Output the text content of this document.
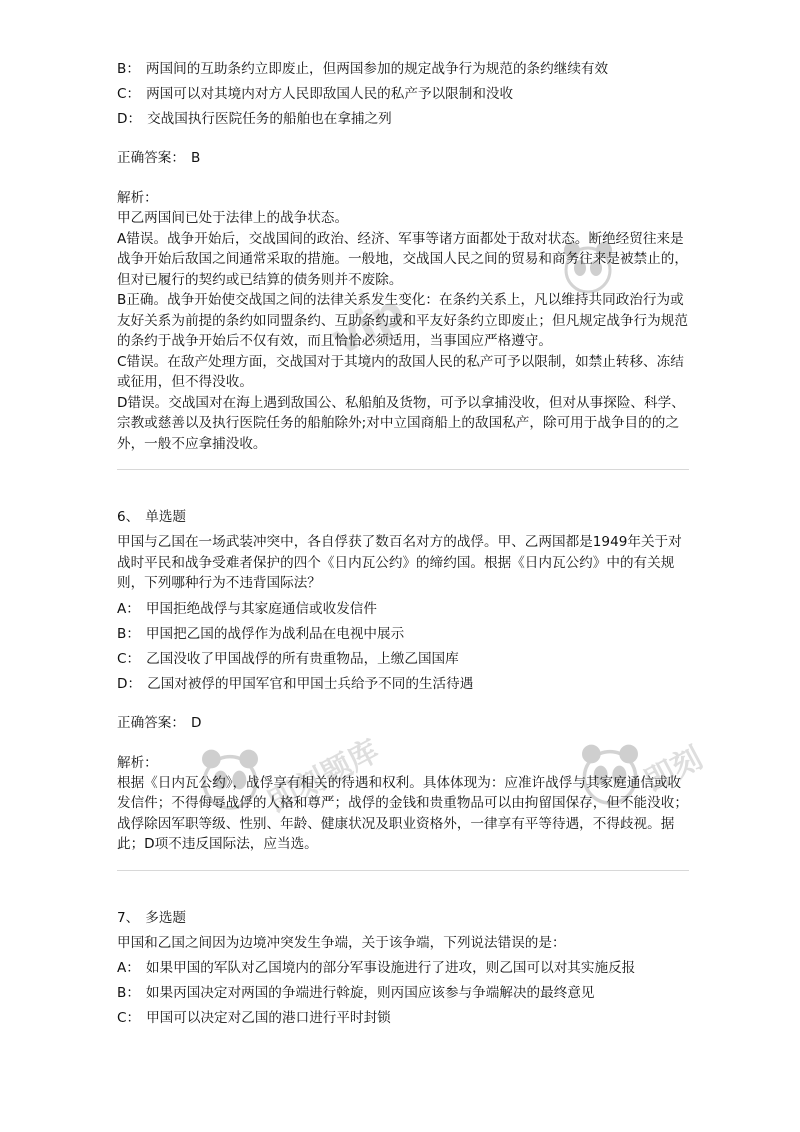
vip
即刻题库	即刻
B： 两国间的互助条约立即废止，但两国参加的规定战争行为规范的条约继续有效
C： 两国可以对其境内对方人民即敌国人民的私产予以限制和没收
D： 交战国执行医院任务的船舶也在拿捕之列
正确答案： B
解析：

甲乙两国间已处于法律上的战争状态。

A错误。战争开始后，交战国间的政治、经济、军事等诸方面都处于敌对状态。断绝经贸往来是战争开始后敌国之间通常采取的措施。一般地，交战国人民之间的贸易和商务往来是被禁止的，但对已履行的契约或已结算的债务则并不废除。

B正确。战争开始使交战国之间的法律关系发生变化：在条约关系上，凡以维持共同政治行为或友好关系为前提的条约如同盟条约、互助条约或和平友好条约立即废止；但凡规定战争行为规范的条约于战争开始后不仅有效，而且恰恰必须适用，当事国应严格遵守。

C错误。在敌产处理方面，交战国对于其境内的敌国人民的私产可予以限制，如禁止转移、冻结或征用，但不得没收。

D错误。交战国对在海上遇到敌国公、私船舶及货物，可予以拿捕没收，但对从事探险、科学、宗教或慈善以及执行医院任务的船舶除外;对中立国商船上的敌国私产，除可用于战争目的的之外，一般不应拿捕没收。

6、 单选题

甲国与乙国在一场武装冲突中，各自俘获了数百名对方的战俘。甲、乙两国都是1949年关于对战时平民和战争受难者保护的四个《日内瓦公约》的缔约国。根据《日内瓦公约》中的有关规则，下列哪种行为不违背国际法？

A： 甲国拒绝战俘与其家庭通信或收发信件
B： 甲国把乙国的战俘作为战利品在电视中展示
C： 乙国没收了甲国战俘的所有贵重物品，上缴乙国国库
D： 乙国对被俘的甲国军官和甲国士兵给予不同的生活待遇
正确答案： D
解析：

根据《日内瓦公约》，战俘享有相关的待遇和权利。具体体现为：应准许战俘与其家庭通信或收发信件；不得侮辱战俘的人格和尊严；战俘的金钱和贵重物品可以由拘留国保存，但不能没收；战俘除因军职等级、性别、年龄、健康状况及职业资格外，一律享有平等待遇，不得歧视。据此；D项不违反国际法，应当选。

7、 多选题

甲国和乙国之间因为边境冲突发生争端，关于该争端，下列说法错误的是：

A： 如果甲国的军队对乙国境内的部分军事设施进行了进攻，则乙国可以对其实施反报
B： 如果丙国决定对两国的争端进行斡旋，则丙国应该参与争端解决的最终意见
C： 甲国可以决定对乙国的港口进行平时封锁
